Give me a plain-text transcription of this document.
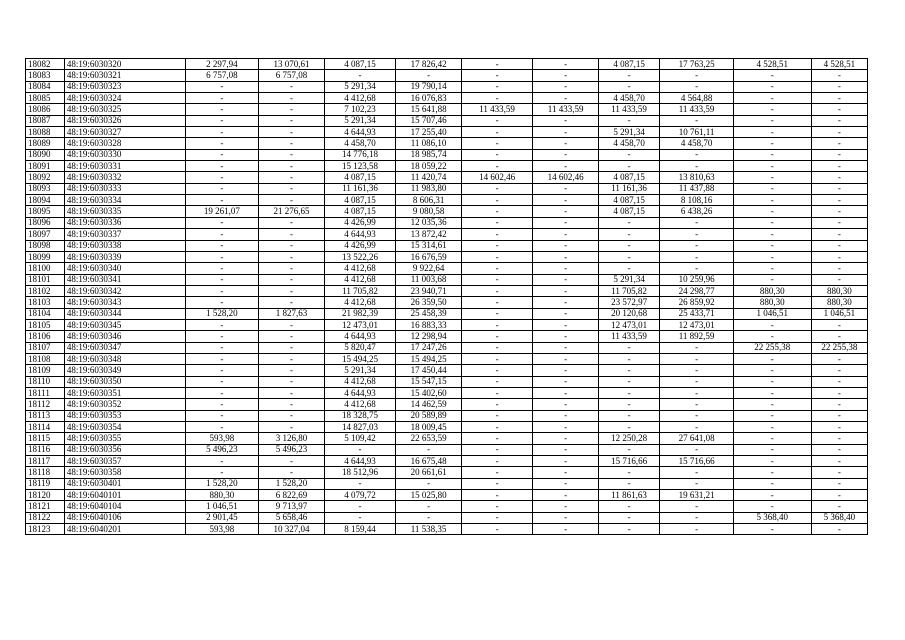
18082	48:19:6030320	2 297,94	13 070,61	4 087,15	17 826,42	-	-	4 087,15	17 763,25	4 528,51	4 528,51
18083	48:19:6030321	6 757,08	6 757,08	-	-	-	-	-	-	-	-
18084	48:19:6030323	-	-	5 291,34	19 790,14	-	-	-	-	-	-
18085	48:19:6030324	-	-	4 412,68	16 076,83	-	-	4 458,70	4 564,88	-	-
18086	48:19:6030325	-	-	7 102,23	15 641,88	11 433,59	11 433,59	11 433,59	11 433,59	-	-
18087	48:19:6030326	-	-	5 291,34	15 707,46	-	-	-	-	-	-
18088	48:19:6030327	-	-	4 644,93	17 255,40	-	-	5 291,34	10 761,11	-	-
18089	48:19:6030328	-	-	4 458,70	11 086,10	-	-	4 458,70	4 458,70	-	-
18090	48:19:6030330	-	-	14 776,18	18 985,74	-	-	-	-	-	-
18091	48:19:6030331	-	-	15 123,58	18 059,22	-	-	-	-	-	-
18092	48:19:6030332	-	-	4 087,15	11 420,74	14 602,46	14 602,46	4 087,15	13 810,63	-	-
18093	48:19:6030333	-	-	11 161,36	11 983,80	-	-	11 161,36	11 437,88	-	-
18094	48:19:6030334	-	-	4 087,15	8 606,31	-	-	4 087,15	8 108,16	-	-
18095	48:19:6030335	19 261,07	21 276,65	4 087,15	9 080,58	-	-	4 087,15	6 438,26	-	-
18096	48:19:6030336	-	-	4 426,99	12 035,36	-	-	-	-	-	-
18097	48:19:6030337	-	-	4 644,93	13 872,42	-	-	-	-	-	-
18098	48:19:6030338	-	-	4 426,99	15 314,61	-	-	-	-	-	-
18099	48:19:6030339	-	-	13 522,26	16 676,59	-	-	-	-	-	-
18100	48:19:6030340	-	-	4 412,68	9 922,64	-	-	-	-	-	-
18101	48:19:6030341	-	-	4 412,68	11 003,68	-	-	5 291,34	10 259,96	-	-
18102	48:19:6030342	-	-	11 705,82	23 940,71	-	-	11 705,82	24 298,77	880,30	880,30
18103	48:19:6030343	-	-	4 412,68	26 359,50	-	-	23 572,97	26 859,92	880,30	880,30
18104	48:19:6030344	1 528,20	1 827,63	21 982,39	25 458,39	-	-	20 120,68	25 433,71	1 046,51	1 046,51
18105	48:19:6030345	-	-	12 473,01	16 883,33	-	-	12 473,01	12 473,01	-	-
18106	48:19:6030346	-	-	4 644,93	12 298,94	-	-	11 433,59	11 892,59	-	-
18107	48:19:6030347	-	-	5 820,47	17 247,26	-	-	-	-	22 255,38	22 255,38
18108	48:19:6030348	-	-	15 494,25	15 494,25	-	-	-	-	-	-
18109	48:19:6030349	-	-	5 291,34	17 450,44	-	-	-	-	-	-
18110	48:19:6030350	-	-	4 412,68	15 547,15	-	-	-	-	-	-
18111	48:19:6030351	-	-	4 644,93	15 402,60	-	-	-	-	-	-
18112	48:19:6030352	-	-	4 412,68	14 462,59	-	-	-	-	-	-
18113	48:19:6030353	-	-	18 328,75	20 589,89	-	-	-	-	-	-
18114	48:19:6030354	-	-	14 827,03	18 009,45	-	-	-	-	-	-
18115	48:19:6030355	593,98	3 126,80	5 109,42	22 653,59	-	-	12 250,28	27 641,08	-	-
18116	48:19:6030356	5 496,23	5 496,23	-	-	-	-	-	-	-	-
18117	48:19:6030357	-	-	4 644,93	16 675,48	-	-	15 716,66	15 716,66	-	-
18118	48:19:6030358	-	-	18 512,96	20 661,61	-	-	-	-	-	-
18119	48:19:6030401	1 528,20	1 528,20	-	-	-	-	-	-	-	-
18120	48:19:6040101	880,30	6 822,69	4 079,72	15 025,80	-	-	11 861,63	19 631,21	-	-
18121	48:19:6040104	1 046,51	9 713,97	-	-	-	-	-	-	-	-
18122	48:19:6040106	2 901,45	5 658,46	-	-	-	-	-	-	5 368,40	5 368,40
18123	48:19:6040201	593,98	10 327,04	8 159,44	11 538,35	-	-	-	-	-	-
